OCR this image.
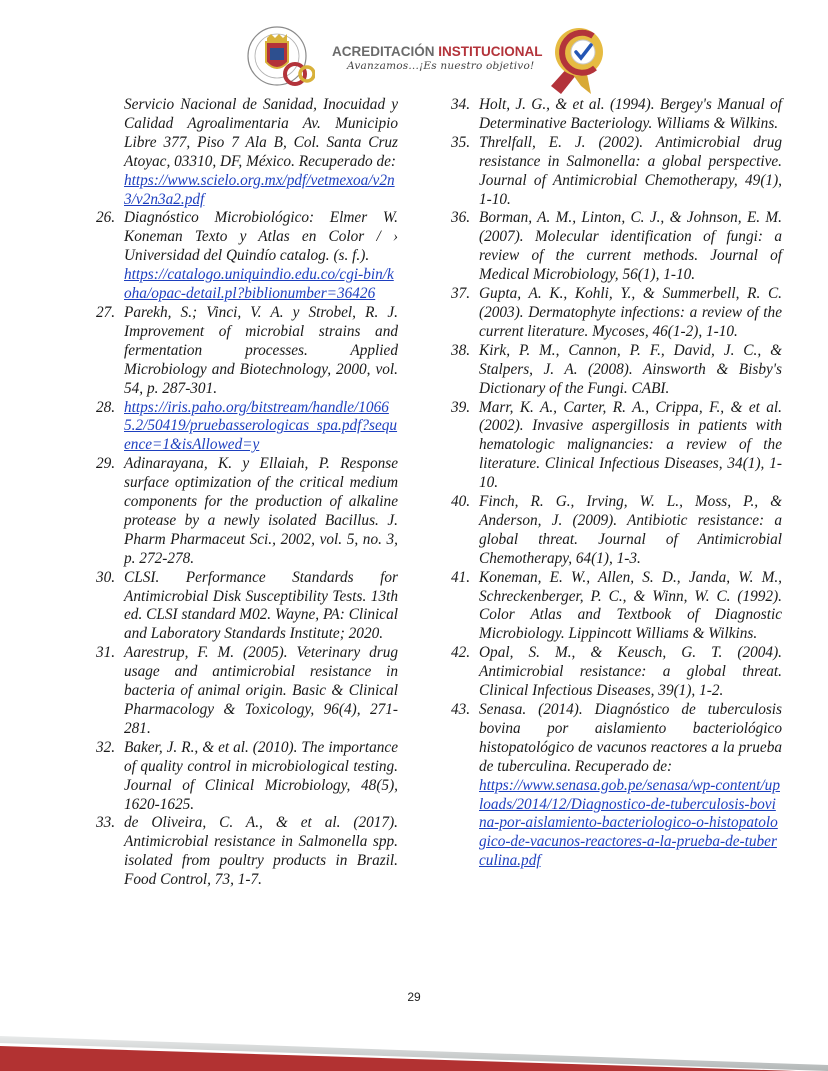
ACREDITACIÓN INSTITUCIONAL
Avanzamos...¡Es nuestro objetivo!
Servicio Nacional de Sanidad, Inocuidad y Calidad Agroalimentaria Av. Municipio Libre 377, Piso 7 Ala B, Col. Santa Cruz Atoyac, 03310, DF, México. Recuperado de:
https://www.scielo.org.mx/pdf/vetmexoa/v2n3/v2n3a2.pdf
26. Diagnóstico Microbiológico: Elmer W. Koneman Texto y Atlas en Color / › Universidad del Quindío catalog. (s. f.).
https://catalogo.uniquindio.edu.co/cgi-bin/koha/opac-detail.pl?biblionumber=36426
27. Parekh, S.; Vinci, V. A. y Strobel, R. J. Improvement of microbial strains and fermentation processes. Applied Microbiology and Biotechnology, 2000, vol. 54, p. 287-301.
28. https://iris.paho.org/bitstream/handle/10665.2/50419/pruebasserologicas_spa.pdf?sequence=1&isAllowed=y
29. Adinarayana, K. y Ellaiah, P. Response surface optimization of the critical medium components for the production of alkaline protease by a newly isolated Bacillus. J. Pharm Pharmaceut Sci., 2002, vol. 5, no. 3, p. 272-278.
30. CLSI. Performance Standards for Antimicrobial Disk Susceptibility Tests. 13th ed. CLSI standard M02. Wayne, PA: Clinical and Laboratory Standards Institute; 2020.
31. Aarestrup, F. M. (2005). Veterinary drug usage and antimicrobial resistance in bacteria of animal origin. Basic & Clinical Pharmacology & Toxicology, 96(4), 271-281.
32. Baker, J. R., & et al. (2010). The importance of quality control in microbiological testing. Journal of Clinical Microbiology, 48(5), 1620-1625.
33. de Oliveira, C. A., & et al. (2017). Antimicrobial resistance in Salmonella spp. isolated from poultry products in Brazil. Food Control, 73, 1-7.
34. Holt, J. G., & et al. (1994). Bergey's Manual of Determinative Bacteriology. Williams & Wilkins.
35. Threlfall, E. J. (2002). Antimicrobial drug resistance in Salmonella: a global perspective. Journal of Antimicrobial Chemotherapy, 49(1), 1-10.
36. Borman, A. M., Linton, C. J., & Johnson, E. M. (2007). Molecular identification of fungi: a review of the current methods. Journal of Medical Microbiology, 56(1), 1-10.
37. Gupta, A. K., Kohli, Y., & Summerbell, R. C. (2003). Dermatophyte infections: a review of the current literature. Mycoses, 46(1-2), 1-10.
38. Kirk, P. M., Cannon, P. F., David, J. C., & Stalpers, J. A. (2008). Ainsworth & Bisby's Dictionary of the Fungi. CABI.
39. Marr, K. A., Carter, R. A., Crippa, F., & et al. (2002). Invasive aspergillosis in patients with hematologic malignancies: a review of the literature. Clinical Infectious Diseases, 34(1), 1-10.
40. Finch, R. G., Irving, W. L., Moss, P., & Anderson, J. (2009). Antibiotic resistance: a global threat. Journal of Antimicrobial Chemotherapy, 64(1), 1-3.
41. Koneman, E. W., Allen, S. D., Janda, W. M., Schreckenberger, P. C., & Winn, W. C. (1992). Color Atlas and Textbook of Diagnostic Microbiology. Lippincott Williams & Wilkins.
42. Opal, S. M., & Keusch, G. T. (2004). Antimicrobial resistance: a global threat. Clinical Infectious Diseases, 39(1), 1-2.
43. Senasa. (2014). Diagnóstico de tuberculosis bovina por aislamiento bacteriológico histopatológico de vacunos reactores a la prueba de tuberculina. Recuperado de:
https://www.senasa.gob.pe/senasa/wp-content/uploads/2014/12/Diagnostico-de-tuberculosis-bovina-por-aislamiento-bacteriologico-o-histopatologico-de-vacunos-reactores-a-la-prueba-de-tuberculina.pdf
29
